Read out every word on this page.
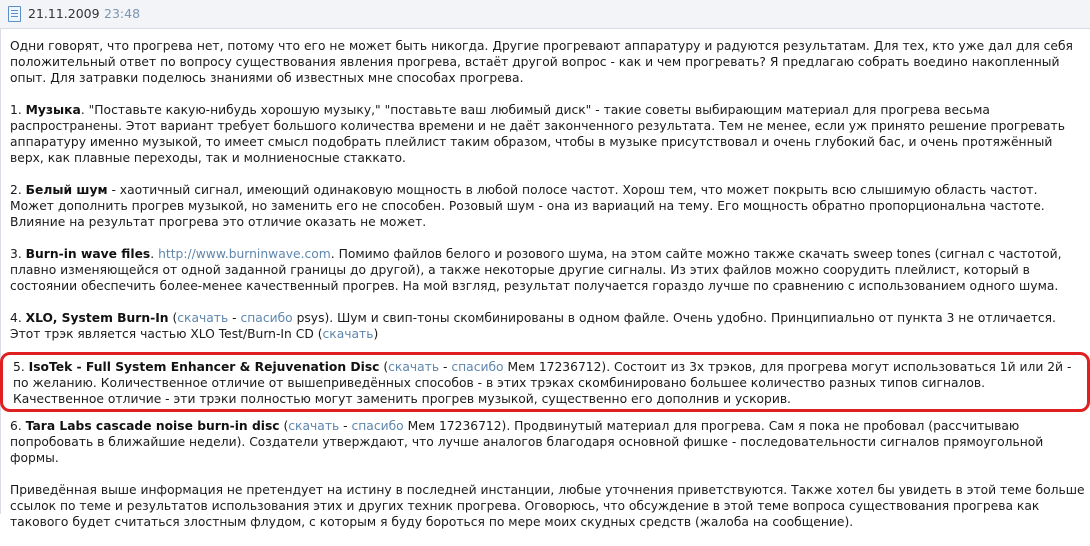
21.11.2009 23:48

Одни говорят, что прогрева нет, потому что его не может быть никогда. Другие прогревают аппаратуру и радуются результатам. Для тех, кто уже дал для себя положительный ответ по вопросу существования явления прогрева, встаёт другой вопрос - как и чем прогревать? Я предлагаю собрать воедино накопленный опыт. Для затравки поделюсь знаниями об известных мне способах прогрева.

1. Музыка. "Поставьте какую-нибудь хорошую музыку," "поставьте ваш любимый диск" - такие советы выбирающим материал для прогрева весьма распространены. Этот вариант требует большого количества времени и не даёт законченного результата. Тем не менее, если уж принято решение прогревать аппаратуру именно музыкой, то имеет смысл подобрать плейлист таким образом, чтобы в музыке присутствовал и очень глубокий бас, и очень протяжённый верх, как плавные переходы, так и молниеносные стаккато.

2. Белый шум - хаотичный сигнал, имеющий одинаковую мощность в любой полосе частот. Хорош тем, что может покрыть всю слышимую область частот. Может дополнить прогрев музыкой, но заменить его не способен. Розовый шум - она из вариаций на тему. Его мощность обратно пропорциональна частоте. Влияние на результат прогрева это отличие оказать не может.

3. Burn-in wave files. http://www.burninwave.com. Помимо файлов белого и розового шума, на этом сайте можно также скачать sweep tones (сигнал с частотой, плавно изменяющейся от одной заданной границы до другой), а также некоторые другие сигналы. Из этих файлов можно соорудить плейлист, который в состоянии обеспечить более-менее качественный прогрев. На мой взгляд, результат получается гораздо лучше по сравнению с использованием одного шума.

4. XLO, System Burn-In (скачать - спасибо psys). Шум и свип-тоны скомбинированы в одном файле. Очень удобно. Принципиально от пункта 3 не отличается. Этот трэк является частью XLO Test/Burn-In CD (скачать)

5. IsoTek - Full System Enhancer & Rejuvenation Disc (скачать - спасибо Мем 17236712). Состоит из 3х трэков, для прогрева могут использоваться 1й или 2й - по желанию. Количественное отличие от вышеприведённых способов - в этих трэках скомбинировано большее количество разных типов сигналов. Качественное отличие - эти трэки полностью могут заменить прогрев музыкой, существенно его дополнив и ускорив.

6. Tara Labs cascade noise burn-in disc (скачать - спасибо Мем 17236712). Продвинутый материал для прогрева. Сам я пока не пробовал (рассчитываю попробовать в ближайшие недели). Создатели утверждают, что лучше аналогов благодаря основной фишке - последовательности сигналов прямоугольной формы.

Приведённая выше информация не претендует на истину в последней инстанции, любые уточнения приветствуются. Также хотел бы увидеть в этой теме больше ссылок по теме и результатов использования этих и других техник прогрева. Оговорюсь, что обсуждение в этой теме вопроса существования прогрева как такового будет считаться злостным флудом, с которым я буду бороться по мере моих скудных средств (жалоба на сообщение).
